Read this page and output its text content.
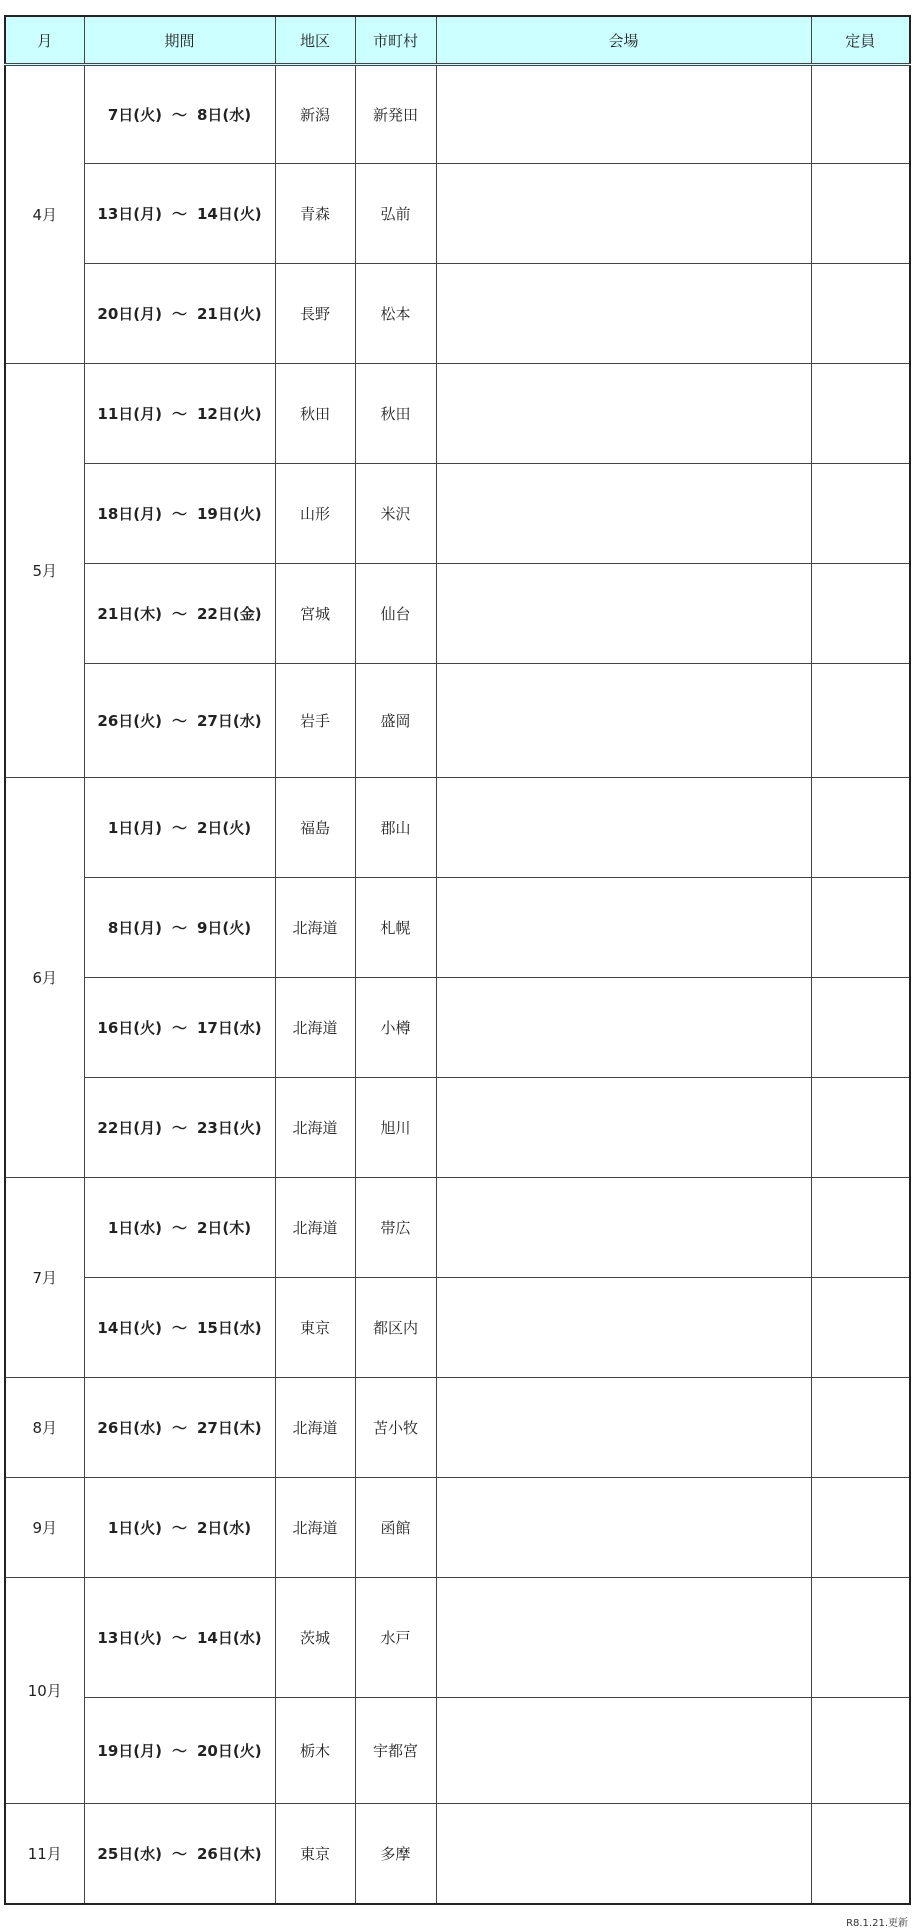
月	期間	地区	市町村	会場	定員
4月	7日(火) ～ 8日(水)	新潟	新発田		
	13日(月) ～ 14日(火)	青森	弘前		
	20日(月) ～ 21日(火)	長野	松本		
5月	11日(月) ～ 12日(火)	秋田	秋田		
	18日(月) ～ 19日(火)	山形	米沢		
	21日(木) ～ 22日(金)	宮城	仙台		
	26日(火) ～ 27日(水)	岩手	盛岡		
6月	1日(月) ～ 2日(火)	福島	郡山		
	8日(月) ～ 9日(火)	北海道	札幌		
	16日(火) ～ 17日(水)	北海道	小樽		
	22日(月) ～ 23日(火)	北海道	旭川		
7月	1日(水) ～ 2日(木)	北海道	帯広		
	14日(火) ～ 15日(水)	東京	都区内		
8月	26日(水) ～ 27日(木)	北海道	苫小牧		
9月	1日(火) ～ 2日(水)	北海道	函館		
10月	13日(火) ～ 14日(水)	茨城	水戸		
	19日(月) ～ 20日(火)	栃木	宇都宮		
11月	25日(水) ～ 26日(木)	東京	多摩		
R8.1.21.更新
